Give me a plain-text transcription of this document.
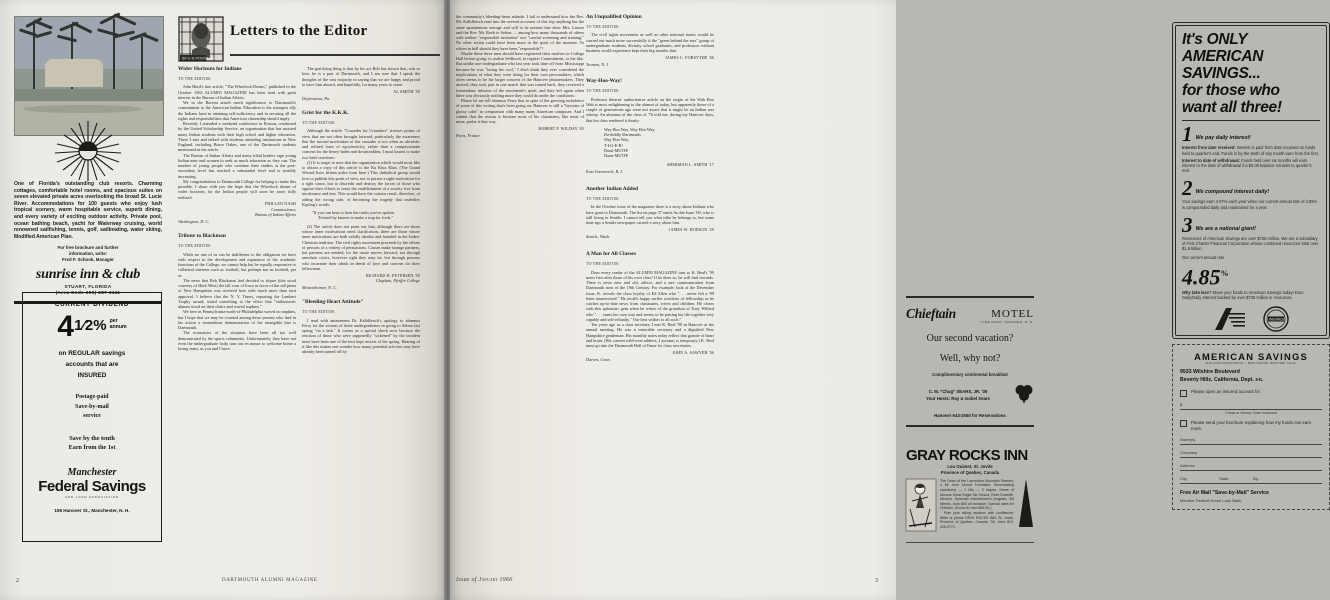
One of Florida's outstanding club resorts. Charming cottages, comfortable hotel rooms, and spacious suites on seven elevated private acres overlooking the broad St. Lucie River. Accommodations for 100 guests who enjoy lush tropical scenery, warm hospitable service, superb dining, and every variety of exciting outdoor activity. Private pool, ocean bathing beach, yacht for Waterway cruising, world renowned sailfishing, tennis, golf, sailboating, water skiing, Modified American Plan.
For free brochure and further
information, write:
Fred F. Schook, Manager
sunrise inn & club
STUART, FLORIDA
(Area Code 305) 287-3111
CURRENT DIVIDEND
4 1⁄2 % per
annum
on REGULAR savings
accounts that are
INSURED
Postage-paid
Save-by-mail
service
Save by the tenth
Earn from the 1st
Manchester
Federal Savings
AND LOAN ASSOCIATION
156 Hanover St., Manchester, N. H.
5¢ U.S.POSTAGE
Letters to the Editor
Wider Horizons for Indians
TO THE EDITOR:

John Hurd's fine article, "The Wheelock Dream," published in the October 1965 ALUMNI MAGAZINE has been read with great interest in the Bureau of Indian Affairs.

We in the Bureau attach much significance to Dartmouth's commitment to the American Indian. Education is the strongest ally the Indians have in attaining self-sufficiency and in securing all the rights and responsibilities that American citizenship should imply.

Recently I attended a weekend conference in Boston, conducted by the United Scholarship Service, an organization that has assisted many Indian students with their high school and higher education. There I met and talked with students attending institutions in New England, including Bruce Oakes, one of the Dartmouth students mentioned in the article.

The Bureau of Indian Affairs and many tribal leaders urge young Indian men and women to seek as much education as they can. The number of young people who continue their studies at the post-secondary level has reached a substantial level and is steadily increasing.

My congratulations to Dartmouth College for helping to make this possible. I share with you the hope that the Wheelock dream of wider horizons for the Indian people will soon be more fully realized.

PHILLEO NASH
Commissioner,
Bureau of Indian Affairs
Washington, D. C.
Tribute to Blackman
TO THE EDITOR:

While no one of us can be indifferent to the obligation we have with respect to the development and expansion of the academic functions of the College, we cannot help but be equally responsive to collateral interests such as football, but perhaps not as football, per se.

The news that Bob Blackman had decided to abjure (this word courtesy of Herb West) the tall corn of Iowa in favor of the tall pines of New Hampshire was received here with much more than tacit approval. I believe that the N. Y. Times, reporting the Lambert Trophy award, stated something to the effect that "enthusiastic alumni stood on their chairs and waved napkins."

We here in Pennsylvania-north-of-Philadelphia waved no napkins, but I hope that we may be counted among those present who find in his action a tremendous demonstration of the intangible that is Dartmouth.

The economics of the situation have been all too well demonstrated by the sports columnists. Unfortunately, they have not even the undergraduate body turn out en masse to welcome home a losing team, as you and I have.

The gratifying thing is that by his act Bob has shown that, win or lose, he is a part of Dartmouth, and I am sure that I speak the thoughts of the vast majority in saying that we are happy and proud to have him aboard, and hopefully, for many years to come.

AL SMITH '50
Doylestown, Pa.
Grist for the K.K.K.
TO THE EDITOR:

Although the article "Crusades for Crusaders" stresses points of view that are not often brought forward, particularly the awareness that the inward motivation of the crusader is too often an altruistic and refined form of egocentricity, rather than a compassionate concern for the heavy-laden and downtrodden, I must hasten to make two brief reactions:

(1) It is tragic to note that the organization which would most like to obtain a copy of this article is the Ku Klux Klan. (The Grand Wizard lives fifteen miles from here.) This diabolical group would love to publish this point of view, not to pursue a right motivation for a right cause, but to discredit and destroy the forces of those who oppose their efforts to resist the establishment of a society free from intolerance and fear. This would have the curious result, therefore, of aiding the wrong side, of becoming the tragedy that underlies Kipling's words:

"If you can bear to hear the truths you've spoken
Twisted by knaves to make a trap for fools."

(2) The article does not point out that, although there are those whose inner motivations need clarification, there are those whose inner motivations are both validly idealist and founded in the Judeo-Christian tradition. The civil rights movement proceeds by the efforts of persons of a variety of persuasions. Causes make strange partners, but partners are needed, for the cause moves forward, not through armchair critics, however right they may be, but through persons who incarnate their ideals in deeds of love and concern for their fellowman.

RICHARD H. PETERSEN '50
Chaplain, Pfeiffer College
Meisenheimer, N. C.
"Bleeding-Heart Attitude"
TO THE EDITOR:

I read with amazement Dr. Kalbfleisch's apology to alumnus Ferry for the actions of three undergraduates in going to Selma last spring "on a lark." It comes as a special shock now because the reaction of those who were supposedly "sickened" by the incident must have been one of the best kept secrets of the spring. Hearing of it like this makes one wonder how many potential activists may have already been turned off by

2	DARTMOUTH ALUMNI MAGAZINE

the community's bleeding-heart attitude. I fail to understand how the Rev. Mr. Kalbfleisch read into the several accounts of this trip anything but the same spontaneous outrage and will to be present that drew Mrs. Liuzzo and the Rev. Mr. Reeb to Selma — among how many thousands of others with neither "responsible invitation" nor "careful screening and training." No other action could have been more in the spirit of the moment. To whom in hell should they have been "responsible"?

Maybe these three men should have registered their motives in College Hall before going: to realize Selfhood, to register Commitment, or the like. But unlike one undergraduate who last year took time off from Mississippi because he was "losing his cool," I don't think they ever considered the implications of what they were doing for their own personalities, which often seems to be the larger concern of the Hanover phrasemakers. They arrived, they took part in one march that was turned back, they received a tremendous infusion of the movement's spirit, and they left again when there was obviously nothing more they could do under the conditions.

Please let me tell alumnus Ferry that in spite of the growing turbulence of some of this writing that's been going on, Hanover is still a "bywater of glassy calm" in comparison with many many American campuses. And I submit that the reason is because most of his classmates, like most of mine, prefer it that way.

ROBERT P. WILDAY '65
Paris, France
Chieftain	MOTEL
LYME ROAD, HANOVER, N. H.
Our second vacation?
Well, why not?
Complimentary continental breakfast
C. M. "Chug" SEARS, JR. '39
Your Hosts: Ray & Isobel Sears
Hanover 643-2550 for Reservations
GRAY ROCKS INN
Lou Ouimet, St. Jovite
Province of Quebec, Canada
The Dean of the Laurentian Mountain Resorts, 4 Mi. from Mount Tremblant. Snowmaking machinery — 2 lifts — 9 slopes. Home of famous Snow Eagle Ski School, Real Charette, Director. Splendid entertainment program. Ski Weeks, from $60 all inclusive. Special rates for Children. (Dorm for men $52.50.)
Plan your skiing vacation with confidence. Write or phone GRAY ROCKS INN, St. Jovite, Province of Quebec, Canada. Tel. Area 819-425-2771.
An Unqualified Opinion
TO THE EDITOR:

The civil rights movement as well as other national issues would be carried out much more successfully if the "green behind the ears" group of undergraduate students, divinity school graduates, and professors without business world experience kept their big mouths shut.

JAMES C. FORSYTHE '46
Trenton, N. J.
Way-Hoo-Way!
TO THE EDITOR:

Professor Stearns' authoritative article on the origin of the Wah Hoo Wah is most enlightening to the alumni of today, but apparently those of a couple of generations ago were not aware that it might be an Indian war whoop. An alumnus of the class of '76 told me, during my Hanover days, that his class rendered it thusly:

Way Hoo Way, Way Hoo Way,
Da-diddly-Dartmouth,
Way Hoo Way,
T-I-G-E-R!
Daart-MUTH!
Daart-MUTH!
SHERMAN L. SMITH '17
East Greenwich, R. I.
Another Indian Added
TO THE EDITOR:

In the October issue of the magazine there is a story about Indians who have gone to Dartmouth. The list on page 37 omits Archie Isaac '00, who is still living in Seattle. I cannot tell you what tribe he belongs to, but some time ago a Seattle newspaper carried a story about him.

JAMES W. HODSON '29
Seattle, Wash.
A Man for All Classes
TO THE EDITOR:

Does every reader of the ALUMNI MAGAZINE turn to K. Beal's '99 notes first after those of his own class? If he does so, he will find rewards. There is news new and old, advice, and a rare communication from Dartmouth men of the 19th Century. For example, look at the December issue, K. reveals the class loyalty of Ed Allen who ". . . never left a '99 letter unanswered." He recalls happy earlier activities of fellowship as he catches up-to-date news from classmates, wives and children. He closes with this aphoristic gem when he writes of the grandson of Tony Willard who ". . . earns his own way and seems to be putting his life together very capably and self-reliantly." Our best wishes to all such."

Ten years ago as a class secretary I met K. Beal '99 in Hanover at the annual meeting. He was a venerable secretary and a dignified New Hampshire gentleman. His monthly notes today reflect that granite of heart and brain. (His current wild-west address, I assume, is temporary.) K. Beal must go into the Dartmouth Hall of Fame for class secretaries.

JOHN A. SAWYER '36
Darien, Conn.
It's ONLY
AMERICAN
SAVINGS...
for those who
want all three!
1 We pay daily interest!
Interest from date received: Interest is paid from date received on funds held to quarter's end. Funds in by the tenth of any month earn from the first.
Interest to date of withdrawal: Funds held over six months will earn interest to the date of withdrawal if a $5.00 balance remains to quarter's end.
2 We compound interest daily!
Your savings earn 4.97% each year when our current annual rate of 4.85% is compounded daily and maintained for a year.
3 We are a national giant!
Resources of American Savings are over $725 million. We are a subsidiary of First Charter Financial Corporation whose combined resources total over $1.9 billion.
Our current annual rate
4.85%
Why take less? Move your funds to American Savings today! Earn Daily/Daily Interest backed by over $725 million in resources.
INSURED
AMERICAN SAVINGS
AND LOAN ASSOCIATION — MAIN OFFICE: WHITTIER, CALIF.
9533 Wilshire Boulevard
Beverly Hills, California, Dept. 3-IL
Please open an insured account for
$
Check or Money Order enclosed
Please send your brochure explaining how my funds can earn more.
Name(s)
Company
Address
City	State	Zip
Free Air Mail "Save-by-Mail" Service
Member Federal Home Loan Bank
Issue of January 1966	3
